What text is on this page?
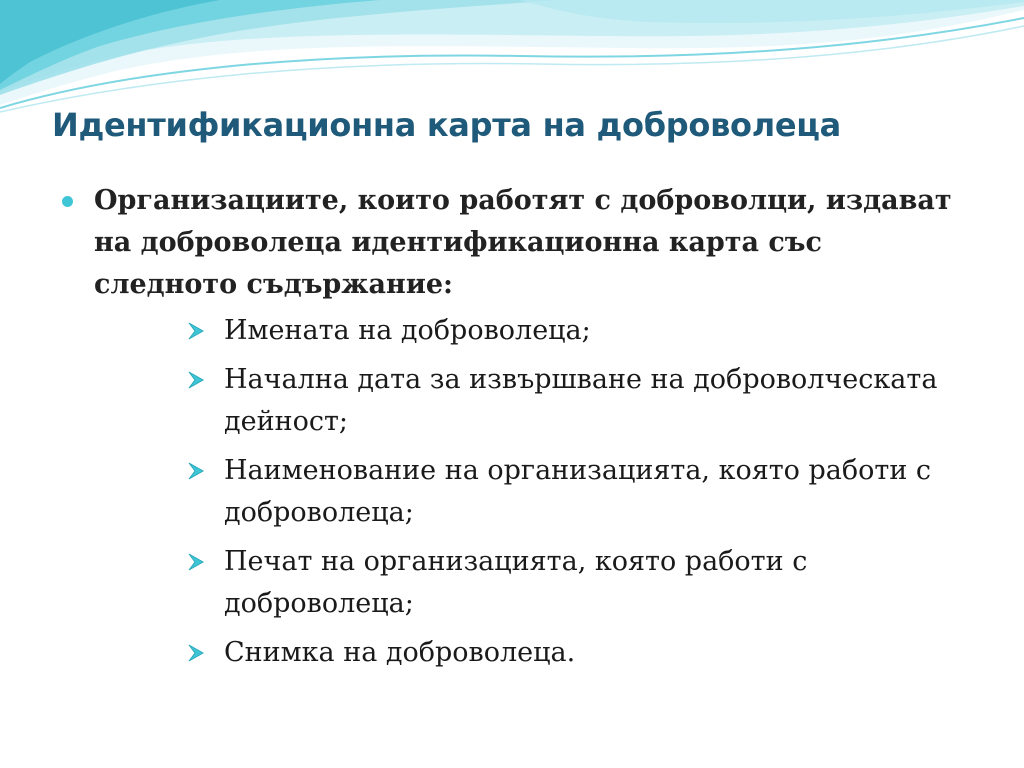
Идентификационна карта на доброволеца
Организациите, които работят с доброволци, издават на доброволеца идентификационна карта със следното съдържание:
Имената на доброволеца;
Начална дата за извършване на доброволческата дейност;
Наименование на организацията, която работи с доброволеца;
Печат на организацията, която работи с доброволеца;
Снимка на доброволеца.
